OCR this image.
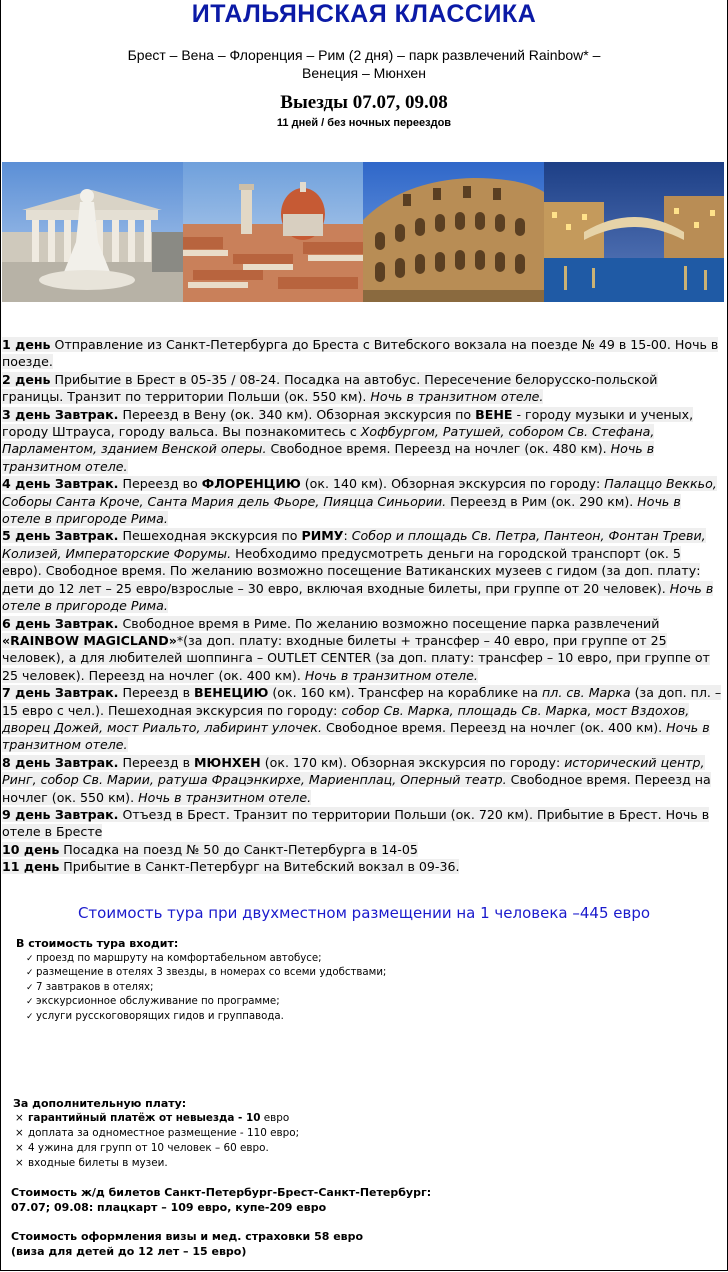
ИТАЛЬЯНСКАЯ КЛАССИКА
Брест – Вена – Флоренция – Рим (2 дня) – парк развлечений Rainbow* –
Венеция – Мюнхен
Выезды 07.07, 09.08
11 дней / без ночных переездов

1 день Отправление из Санкт-Петербурга до Бреста с Витебского вокзала на поезде № 49 в 15-00. Ночь в поезде.

2 день Прибытие в Брест в 05-35 / 08-24. Посадка на автобус. Пересечение белорусско-польской границы. Транзит по территории Польши (ок. 550 км). Ночь в транзитном отеле.

3 день Завтрак. Переезд в Вену (ок. 340 км). Обзорная экскурсия по ВЕНЕ - городу музыки и ученых, городу Штрауса, городу вальса. Вы познакомитесь с Хофбургом, Ратушей, собором Св. Стефана, Парламентом, зданием Венской оперы. Свободное время. Переезд на ночлег (ок. 480 км). Ночь в транзитном отеле.

4 день Завтрак. Переезд во ФЛОРЕНЦИЮ (ок. 140 км). Обзорная экскурсия по городу: Палаццо Веккьо, Соборы Санта Кроче, Санта Мария дель Фьоре, Пияцца Синьории. Переезд в Рим (ок. 290 км). Ночь в отеле в пригороде Рима.

5 день Завтрак. Пешеходная экскурсия по РИМУ: Собор и площадь Св. Петра, Пантеон, Фонтан Треви, Колизей, Императорские Форумы. Необходимо предусмотреть деньги на городской транспорт (ок. 5 евро). Свободное время. По желанию возможно посещение Ватиканских музеев с гидом (за доп. плату: дети до 12 лет – 25 евро/взрослые – 30 евро, включая входные билеты, при группе от 20 человек). Ночь в отеле в пригороде Рима.

6 день Завтрак. Свободное время в Риме. По желанию возможно посещение парка развлечений «RAINBOW MAGICLAND»*(за доп. плату: входные билеты + трансфер – 40 евро, при группе от 25 человек), а для любителей шоппинга – OUTLET CENTER (за доп. плату: трансфер – 10 евро, при группе от 25 человек). Переезд на ночлег (ок. 400 км). Ночь в транзитном отеле.

7 день Завтрак. Переезд в ВЕНЕЦИЮ (ок. 160 км). Трансфер на кораблике на пл. св. Марка (за доп. пл. – 15 евро с чел.). Пешеходная экскурсия по городу: собор Св. Марка, площадь Св. Марка, мост Вздохов, дворец Дожей, мост Риальто, лабиринт улочек. Свободное время. Переезд на ночлег (ок. 400 км). Ночь в транзитном отеле.

8 день Завтрак. Переезд в МЮНХЕН (ок. 170 км). Обзорная экскурсия по городу: исторический центр, Ринг, собор Св. Марии, ратуша Фрацэнкирхе, Мариенплац, Оперный театр. Свободное время. Переезд на ночлег (ок. 550 км). Ночь в транзитном отеле.

9 день Завтрак. Отъезд в Брест. Транзит по территории Польши (ок. 720 км). Прибытие в Брест. Ночь в отеле в Бресте

10 день Посадка на поезд № 50 до Санкт-Петербурга в 14-05

11 день Прибытие в Санкт-Петербург на Витебский вокзал в 09-36.

Стоимость тура при двухместном размещении на 1 человека –445 евро
В стоимость тура входит:
✓ проезд по маршруту на комфортабельном автобусе;
✓ размещение в отелях 3 звезды, в номерах со всеми удобствами;
✓ 7 завтраков в отелях;
✓ экскурсионное обслуживание по программе;
✓ услуги русскоговорящих гидов и группавода.
За дополнительную плату:
× гарантийный платёж от невыезда - 10 евро
× доплата за одноместное размещение - 110 евро;
× 4 ужина для групп от 10 человек – 60 евро.
× входные билеты в музеи.
Стоимость ж/д билетов Санкт-Петербург-Брест-Санкт-Петербург:
07.07; 09.08: плацкарт – 109 евро, купе-209 евро
Стоимость оформления визы и мед. страховки 58 евро
(виза для детей до 12 лет – 15 евро)
